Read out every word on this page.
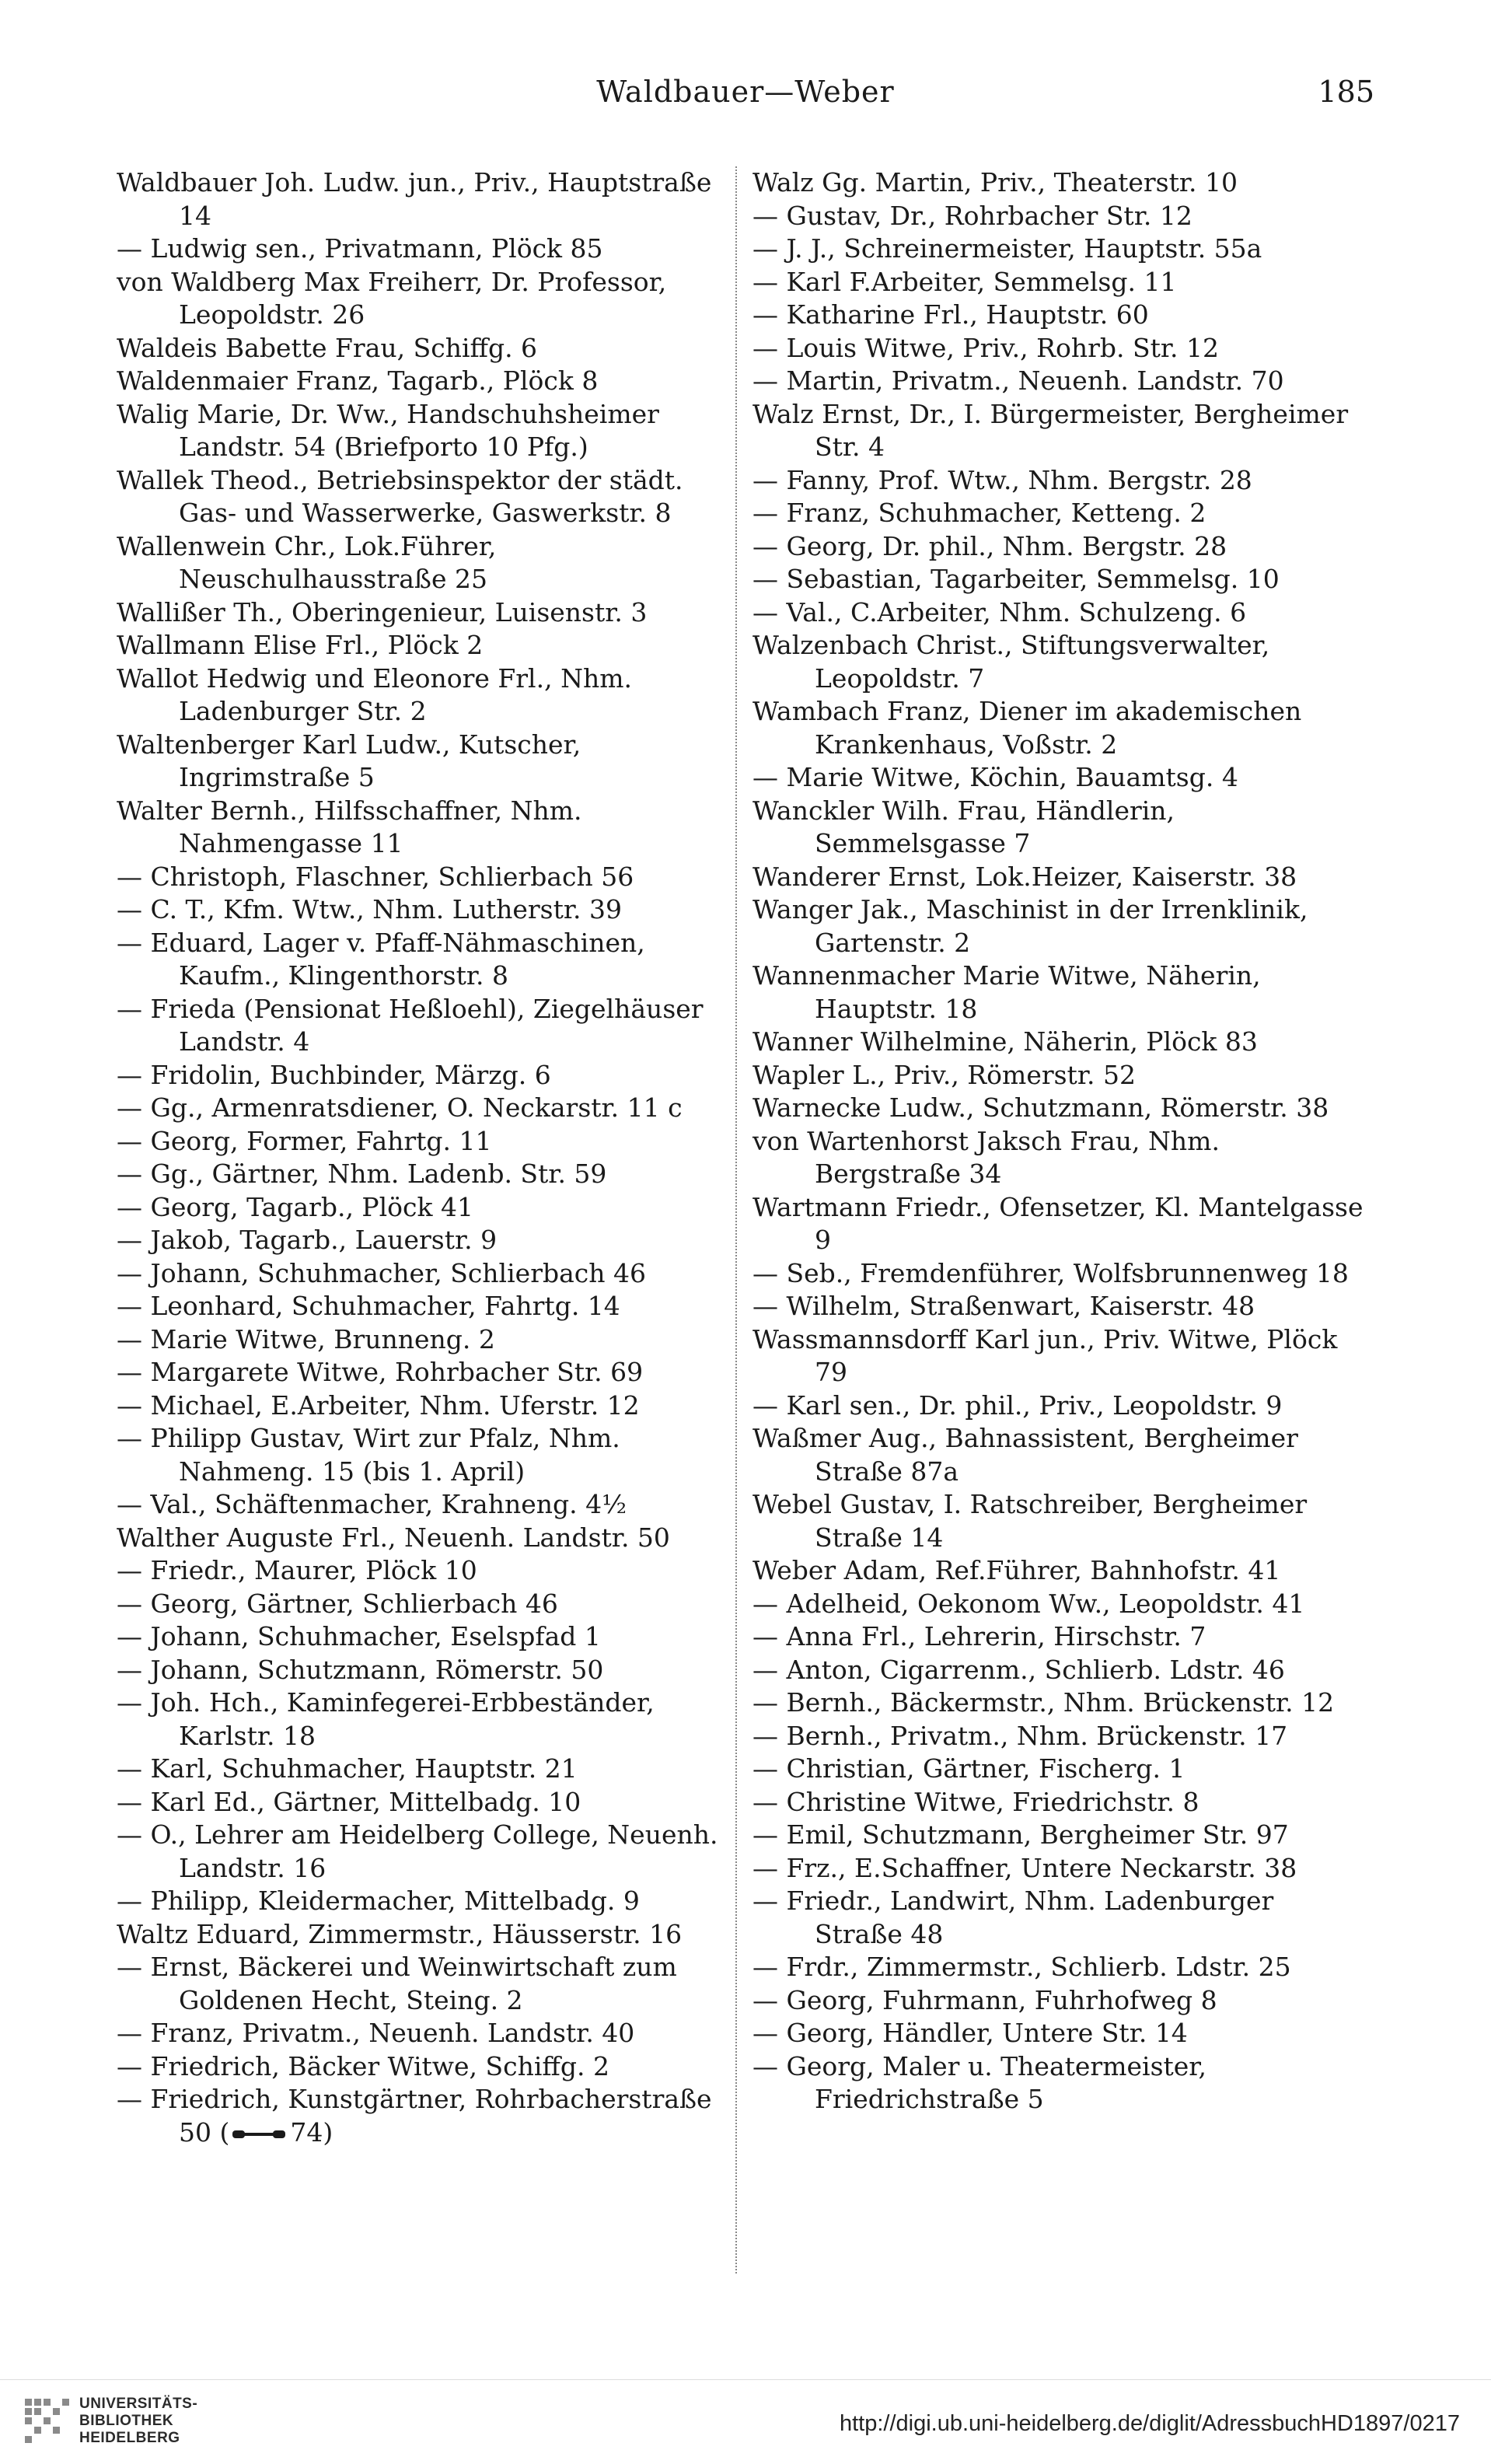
Waldbauer—Weber	185

Waldbauer Joh. Ludw. jun., Priv., Hauptstraße 14

— Ludwig sen., Privatmann, Plöck 85

von Waldberg Max Freiherr, Dr. Professor, Leopoldstr. 26

Waldeis Babette Frau, Schiffg. 6

Waldenmaier Franz, Tagarb., Plöck 8

Walig Marie, Dr. Ww., Handschuhsheimer Landstr. 54 (Briefporto 10 Pfg.)

Wallek Theod., Betriebsinspektor der städt. Gas- und Wasserwerke, Gaswerkstr. 8

Wallenwein Chr., Lok.Führer, Neuschulhausstraße 25

Wallißer Th., Oberingenieur, Luisenstr. 3

Wallmann Elise Frl., Plöck 2

Wallot Hedwig und Eleonore Frl., Nhm. Ladenburger Str. 2

Waltenberger Karl Ludw., Kutscher, Ingrimstraße 5

Walter Bernh., Hilfsschaffner, Nhm. Nahmengasse 11

— Christoph, Flaschner, Schlierbach 56

— C. T., Kfm. Wtw., Nhm. Lutherstr. 39

— Eduard, Lager v. Pfaff-Nähmaschinen, Kaufm., Klingenthorstr. 8

— Frieda (Pensionat Heßloehl), Ziegelhäuser Landstr. 4

— Fridolin, Buchbinder, Märzg. 6

— Gg., Armenratsdiener, O. Neckarstr. 11 c

— Georg, Former, Fahrtg. 11

— Gg., Gärtner, Nhm. Ladenb. Str. 59

— Georg, Tagarb., Plöck 41

— Jakob, Tagarb., Lauerstr. 9

— Johann, Schuhmacher, Schlierbach 46

— Leonhard, Schuhmacher, Fahrtg. 14

— Marie Witwe, Brunneng. 2

— Margarete Witwe, Rohrbacher Str. 69

— Michael, E.Arbeiter, Nhm. Uferstr. 12

— Philipp Gustav, Wirt zur Pfalz, Nhm. Nahmeng. 15 (bis 1. April)

— Val., Schäftenmacher, Krahneng. 4½

Walther Auguste Frl., Neuenh. Landstr. 50

— Friedr., Maurer, Plöck 10

— Georg, Gärtner, Schlierbach 46

— Johann, Schuhmacher, Eselspfad 1

— Johann, Schutzmann, Römerstr. 50

— Joh. Hch., Kaminfegerei-Erbbeständer, Karlstr. 18

— Karl, Schuhmacher, Hauptstr. 21

— Karl Ed., Gärtner, Mittelbadg. 10

— O., Lehrer am Heidelberg College, Neuenh. Landstr. 16

— Philipp, Kleidermacher, Mittelbadg. 9

Waltz Eduard, Zimmermstr., Häusserstr. 16

— Ernst, Bäckerei und Weinwirtschaft zum Goldenen Hecht, Steing. 2

— Franz, Privatm., Neuenh. Landstr. 40

— Friedrich, Bäcker Witwe, Schiffg. 2

— Friedrich, Kunstgärtner, Rohrbacherstraße 50 ( 74)

Walz Gg. Martin, Priv., Theaterstr. 10

— Gustav, Dr., Rohrbacher Str. 12

— J. J., Schreinermeister, Hauptstr. 55a

— Karl F.Arbeiter, Semmelsg. 11

— Katharine Frl., Hauptstr. 60

— Louis Witwe, Priv., Rohrb. Str. 12

— Martin, Privatm., Neuenh. Landstr. 70

Walz Ernst, Dr., I. Bürgermeister, Bergheimer Str. 4

— Fanny, Prof. Wtw., Nhm. Bergstr. 28

— Franz, Schuhmacher, Ketteng. 2

— Georg, Dr. phil., Nhm. Bergstr. 28

— Sebastian, Tagarbeiter, Semmelsg. 10

— Val., C.Arbeiter, Nhm. Schulzeng. 6

Walzenbach Christ., Stiftungsverwalter, Leopoldstr. 7

Wambach Franz, Diener im akademischen Krankenhaus, Voßstr. 2

— Marie Witwe, Köchin, Bauamtsg. 4

Wanckler Wilh. Frau, Händlerin, Semmelsgasse 7

Wanderer Ernst, Lok.Heizer, Kaiserstr. 38

Wanger Jak., Maschinist in der Irrenklinik, Gartenstr. 2

Wannenmacher Marie Witwe, Näherin, Hauptstr. 18

Wanner Wilhelmine, Näherin, Plöck 83

Wapler L., Priv., Römerstr. 52

Warnecke Ludw., Schutzmann, Römerstr. 38

von Wartenhorst Jaksch Frau, Nhm. Bergstraße 34

Wartmann Friedr., Ofensetzer, Kl. Mantelgasse 9

— Seb., Fremdenführer, Wolfsbrunnenweg 18

— Wilhelm, Straßenwart, Kaiserstr. 48

Wassmannsdorff Karl jun., Priv. Witwe, Plöck 79

— Karl sen., Dr. phil., Priv., Leopoldstr. 9

Waßmer Aug., Bahnassistent, Bergheimer Straße 87a

Webel Gustav, I. Ratschreiber, Bergheimer Straße 14

Weber Adam, Ref.Führer, Bahnhofstr. 41

— Adelheid, Oekonom Ww., Leopoldstr. 41

— Anna Frl., Lehrerin, Hirschstr. 7

— Anton, Cigarrenm., Schlierb. Ldstr. 46

— Bernh., Bäckermstr., Nhm. Brückenstr. 12

— Bernh., Privatm., Nhm. Brückenstr. 17

— Christian, Gärtner, Fischerg. 1

— Christine Witwe, Friedrichstr. 8

— Emil, Schutzmann, Bergheimer Str. 97

— Frz., E.Schaffner, Untere Neckarstr. 38

— Friedr., Landwirt, Nhm. Ladenburger Straße 48

— Frdr., Zimmermstr., Schlierb. Ldstr. 25

— Georg, Fuhrmann, Fuhrhofweg 8

— Georg, Händler, Untere Str. 14

— Georg, Maler u. Theatermeister, Friedrichstraße 5

UNIVERSITÄTS-
BIBLIOTHEK
HEIDELBERG
http://digi.ub.uni-heidelberg.de/diglit/AdressbuchHD1897/0217
